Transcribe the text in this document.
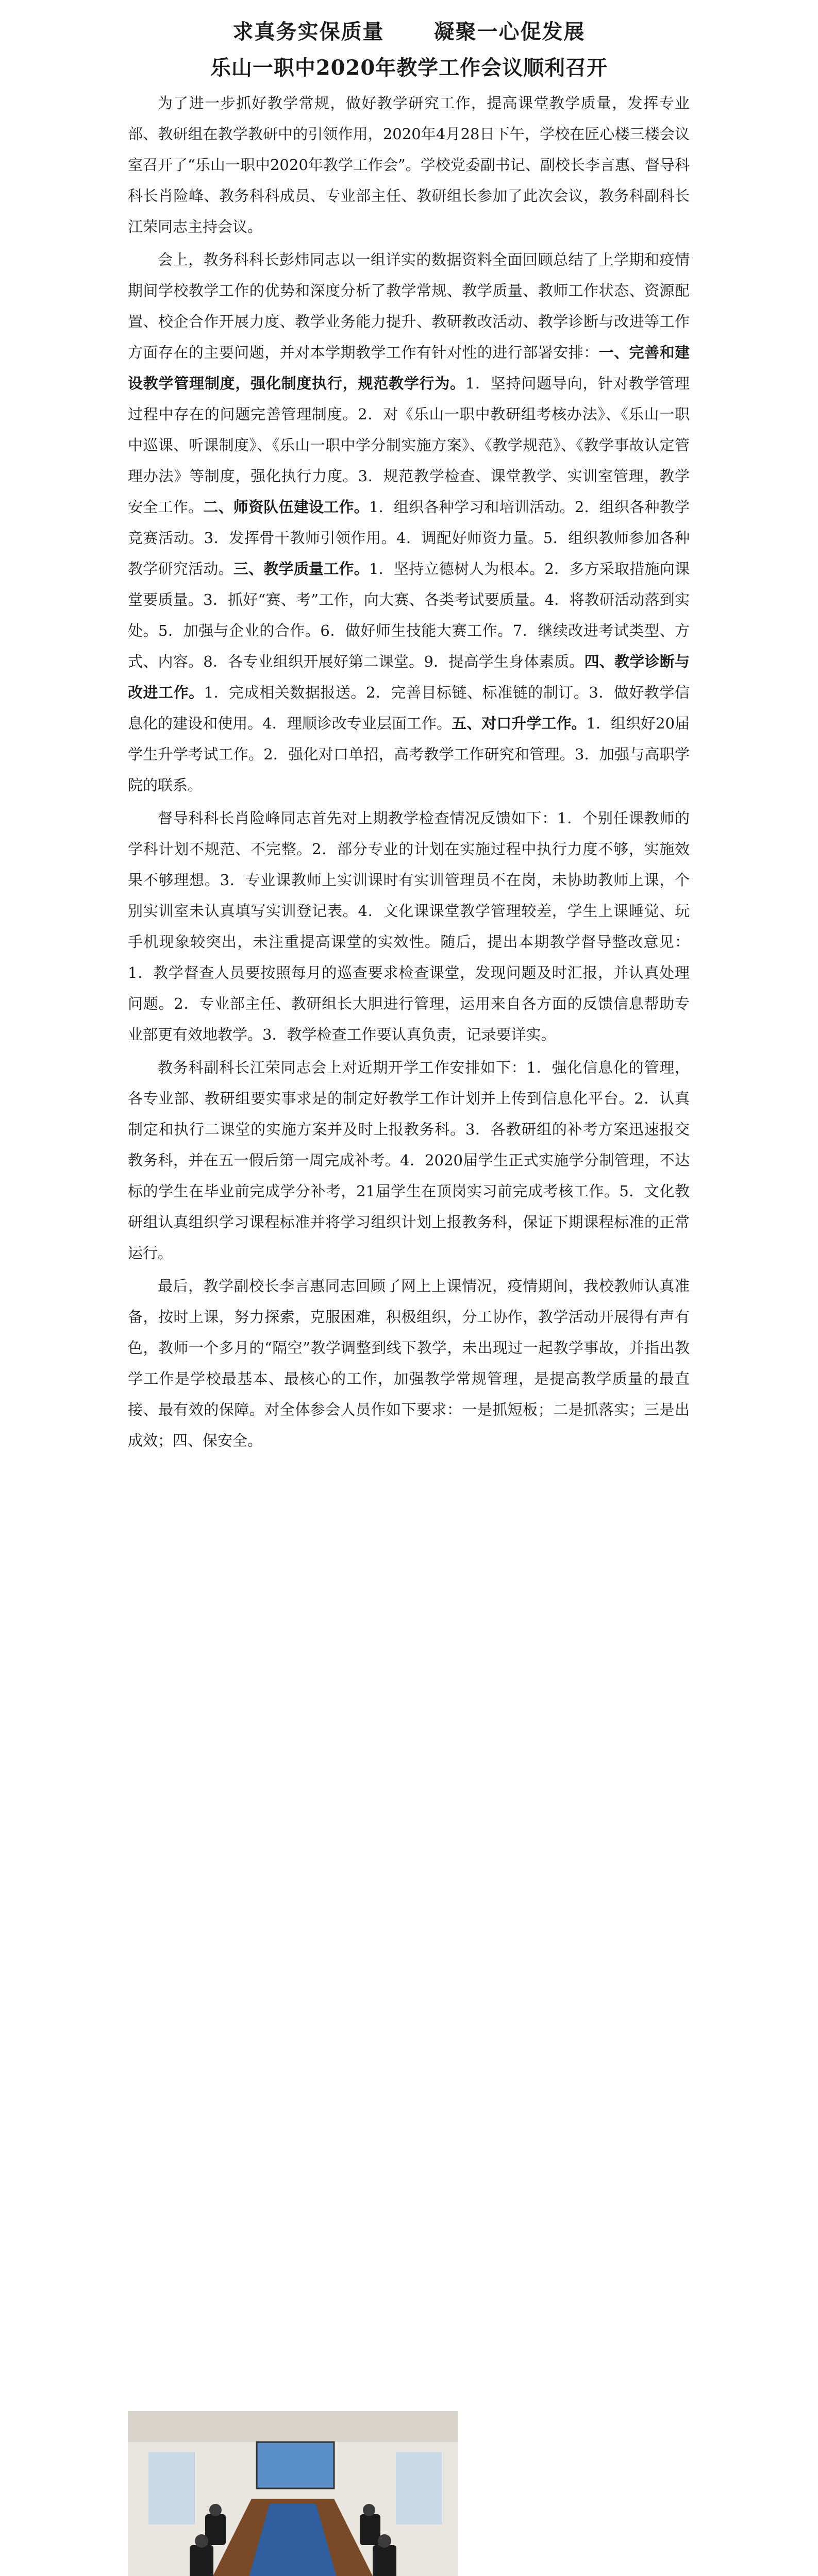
求真务实保质量 凝聚一心促发展
乐山一职中2020年教学工作会议顺利召开

为了进一步抓好教学常规，做好教学研究工作，提高课堂教学质量，发挥专业部、教研组在教学教研中的引领作用，2020年4月28日下午，学校在匠心楼三楼会议室召开了“乐山一职中2020年教学工作会”。学校党委副书记、副校长李言惠、督导科科长肖险峰、教务科科成员、专业部主任、教研组长参加了此次会议，教务科副科长江荣同志主持会议。

会上，教务科科长彭炜同志以一组详实的数据资料全面回顾总结了上学期和疫情期间学校教学工作的优势和深度分析了教学常规、教学质量、教师工作状态、资源配置、校企合作开展力度、教学业务能力提升、教研教改活动、教学诊断与改进等工作方面存在的主要问题，并对本学期教学工作有针对性的进行部署安排：一、完善和建设教学管理制度，强化制度执行，规范教学行为。1．坚持问题导向，针对教学管理过程中存在的问题完善管理制度。2．对《乐山一职中教研组考核办法》、《乐山一职中巡课、听课制度》、《乐山一职中学分制实施方案》、《教学规范》、《教学事故认定管理办法》等制度，强化执行力度。3．规范教学检查、课堂教学、实训室管理，教学安全工作。二、师资队伍建设工作。1．组织各种学习和培训活动。2．组织各种教学竞赛活动。3．发挥骨干教师引领作用。4．调配好师资力量。5．组织教师参加各种教学研究活动。三、教学质量工作。1．坚持立德树人为根本。2．多方采取措施向课堂要质量。3．抓好“赛、考”工作，向大赛、各类考试要质量。4．将教研活动落到实处。5．加强与企业的合作。6．做好师生技能大赛工作。7．继续改进考试类型、方式、内容。8．各专业组织开展好第二课堂。9．提高学生身体素质。四、教学诊断与改进工作。1．完成相关数据报送。2．完善目标链、标准链的制订。3．做好教学信息化的建设和使用。4．理顺诊改专业层面工作。五、对口升学工作。1．组织好20届学生升学考试工作。2．强化对口单招，高考教学工作研究和管理。3．加强与高职学院的联系。

督导科科长肖险峰同志首先对上期教学检查情况反馈如下：1．个别任课教师的学科计划不规范、不完整。2．部分专业的计划在实施过程中执行力度不够，实施效果不够理想。3．专业课教师上实训课时有实训管理员不在岗，未协助教师上课，个别实训室未认真填写实训登记表。4．文化课课堂教学管理较差，学生上课睡觉、玩手机现象较突出，未注重提高课堂的实效性。随后，提出本期教学督导整改意见：1．教学督查人员要按照每月的巡查要求检查课堂，发现问题及时汇报，并认真处理问题。2．专业部主任、教研组长大胆进行管理，运用来自各方面的反馈信息帮助专业部更有效地教学。3．教学检查工作要认真负责，记录要详实。

教务科副科长江荣同志会上对近期开学工作安排如下：1．强化信息化的管理，各专业部、教研组要实事求是的制定好教学工作计划并上传到信息化平台。2．认真制定和执行二课堂的实施方案并及时上报教务科。3．各教研组的补考方案迅速报交教务科，并在五一假后第一周完成补考。4．2020届学生正式实施学分制管理，不达标的学生在毕业前完成学分补考，21届学生在顶岗实习前完成考核工作。5．文化教研组认真组织学习课程标准并将学习组织计划上报教务科，保证下期课程标准的正常运行。

最后，教学副校长李言惠同志回顾了网上上课情况，疫情期间，我校教师认真准备，按时上课，努力探索，克服困难，积极组织，分工协作，教学活动开展得有声有色，教师一个多月的“隔空”教学调整到线下教学，未出现过一起教学事故，并指出教学工作是学校最基本、最核心的工作，加强教学常规管理，是提高教学质量的最直接、最有效的保障。对全体参会人员作如下要求：一是抓短板；二是抓落实；三是出成效；四、保安全。
